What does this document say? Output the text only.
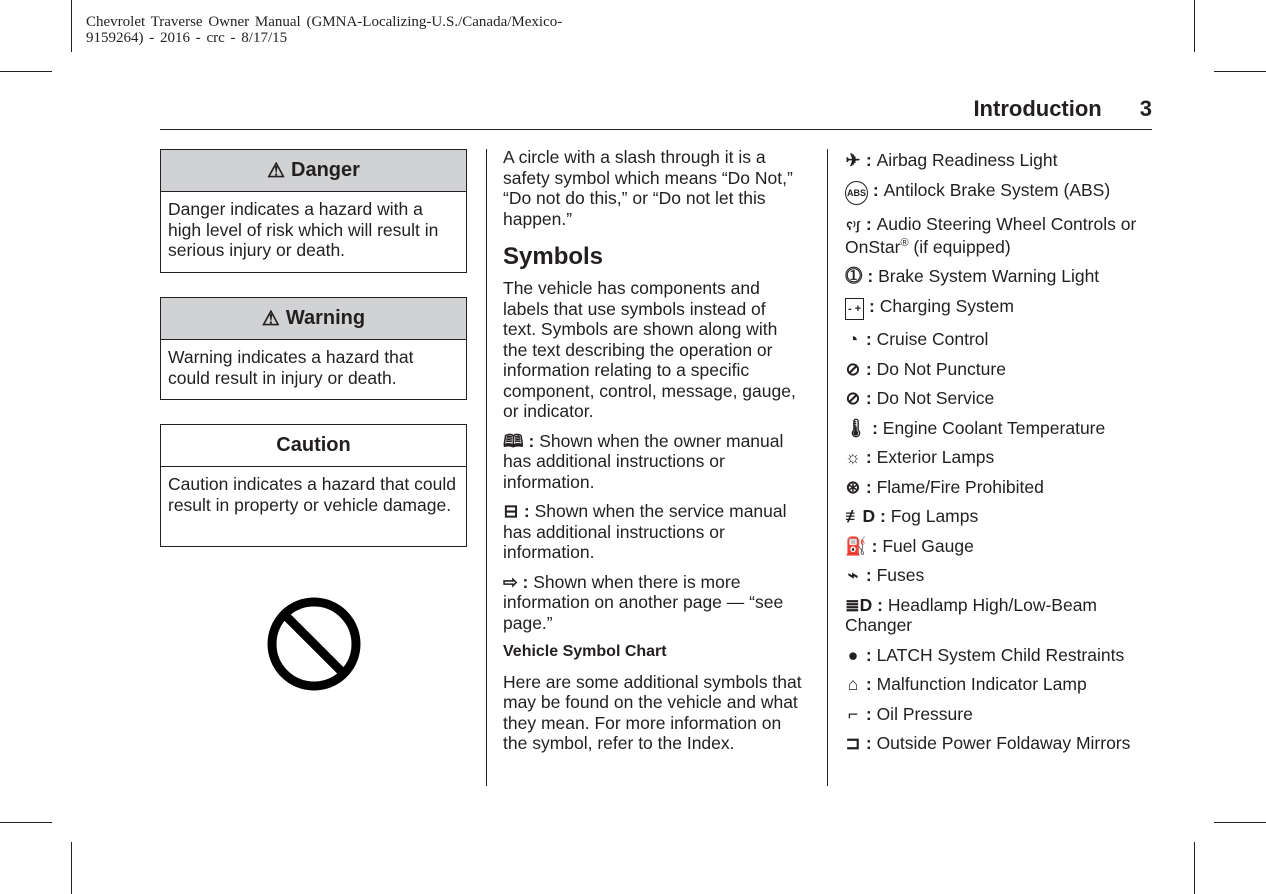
Chevrolet Traverse Owner Manual (GMNA-Localizing-U.S./Canada/Mexico-
9159264) - 2016 - crc - 8/17/15
Introduction 3
⚠ Danger
Danger indicates a hazard with a high level of risk which will result in serious injury or death.
⚠ Warning
Warning indicates a hazard that could result in injury or death.
Caution
Caution indicates a hazard that could result in property or vehicle damage.

A circle with a slash through it is a safety symbol which means “Do Not,” “Do not do this,” or “Do not let this happen.”

Symbols

The vehicle has components and labels that use symbols instead of text. Symbols are shown along with the text describing the operation or information relating to a specific component, control, message, gauge, or indicator.

🕮 : Shown when the owner manual has additional instructions or information.

⊟ : Shown when the service manual has additional instructions or information.

⇨ : Shown when there is more information on another page — “see page.”

Vehicle Symbol Chart

Here are some additional symbols that may be found on the vehicle and what they mean. For more information on the symbol, refer to the Index.

✈ : Airbag Readiness Light
ABS : Antilock Brake System (ABS)
ʕ⁾ʃ : Audio Steering Wheel Controls or OnStar® (if equipped)
⓵ : Brake System Warning Light
- + : Charging System
◔ : Cruise Control
⊘ : Do Not Puncture
⊘ : Do Not Service
🌡 : Engine Coolant Temperature
☼ : Exterior Lamps
⊛ : Flame/Fire Prohibited
≢D : Fog Lamps
⛽ : Fuel Gauge
⌁ : Fuses
≣D : Headlamp High/Low-Beam Changer
● : LATCH System Child Restraints
⌂ : Malfunction Indicator Lamp
⌐ : Oil Pressure
⊐ : Outside Power Foldaway Mirrors
